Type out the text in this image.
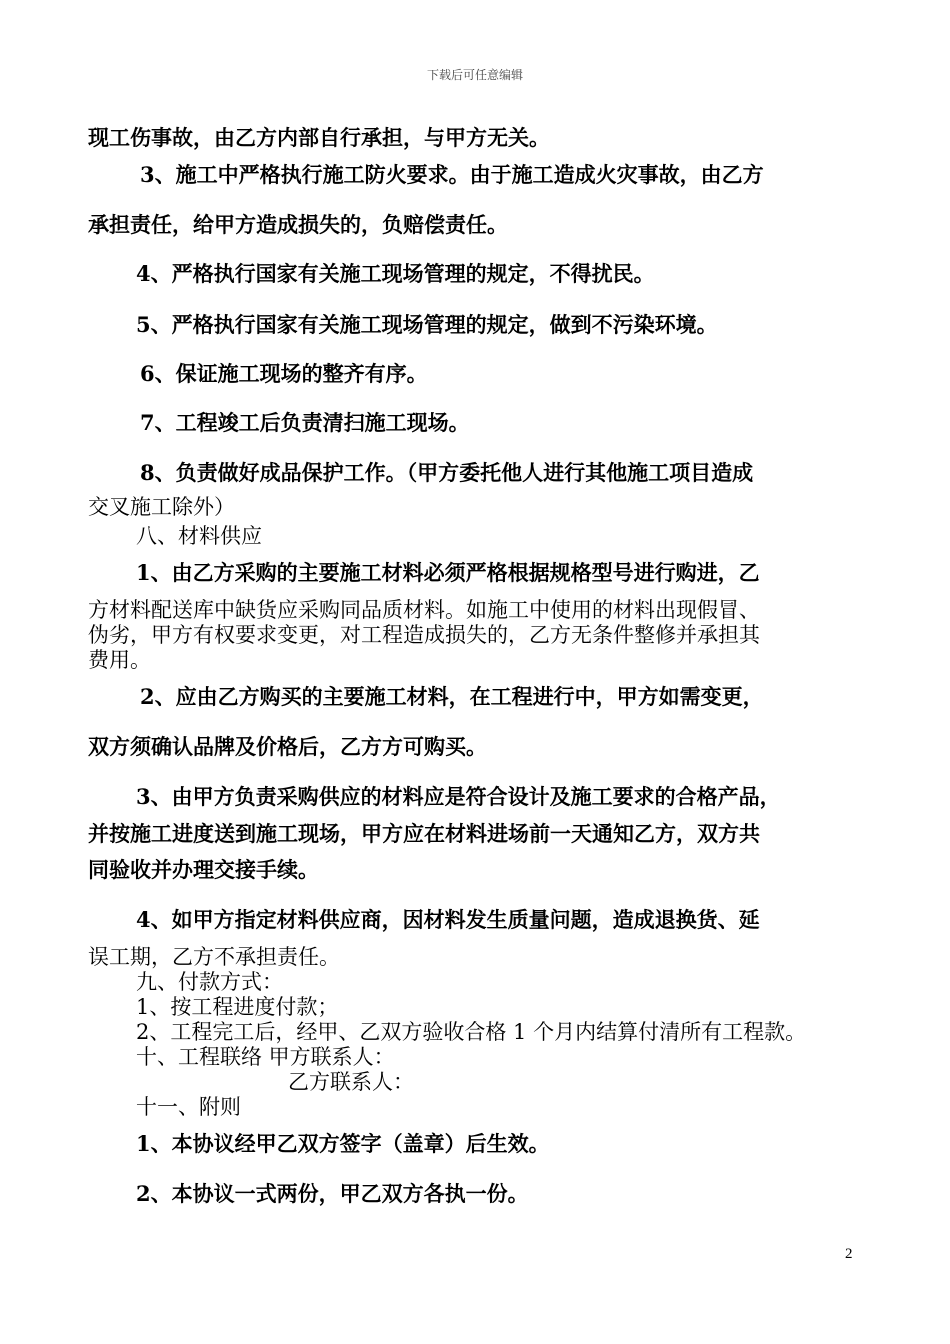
下载后可任意编辑
现工伤事故，由乙方内部自行承担，与甲方无关。
3、施工中严格执行施工防火要求。由于施工造成火灾事故，由乙方
承担责任，给甲方造成损失的，负赔偿责任。
4、严格执行国家有关施工现场管理的规定，不得扰民。
5、严格执行国家有关施工现场管理的规定，做到不污染环境。
6、保证施工现场的整齐有序。
7、工程竣工后负责清扫施工现场。
8、负责做好成品保护工作。（甲方委托他人进行其他施工项目造成
交叉施工除外）
八、材料供应
1、由乙方采购的主要施工材料必须严格根据规格型号进行购进，乙
方材料配送库中缺货应采购同品质材料。如施工中使用的材料出现假冒、
伪劣，甲方有权要求变更，对工程造成损失的，乙方无条件整修并承担其
费用。
2、应由乙方购买的主要施工材料，在工程进行中，甲方如需变更，
双方须确认品牌及价格后，乙方方可购买。
3、由甲方负责采购供应的材料应是符合设计及施工要求的合格产品，
并按施工进度送到施工现场，甲方应在材料进场前一天通知乙方，双方共
同验收并办理交接手续。
4、如甲方指定材料供应商，因材料发生质量问题，造成退换货、延
误工期，乙方不承担责任。
九、付款方式：
1、按工程进度付款；
2、工程完工后，经甲、乙双方验收合格 1 个月内结算付清所有工程款。
十、工程联络 甲方联系人：
乙方联系人：
十一、附则
1、本协议经甲乙双方签字（盖章）后生效。
2、本协议一式两份，甲乙双方各执一份。
2
